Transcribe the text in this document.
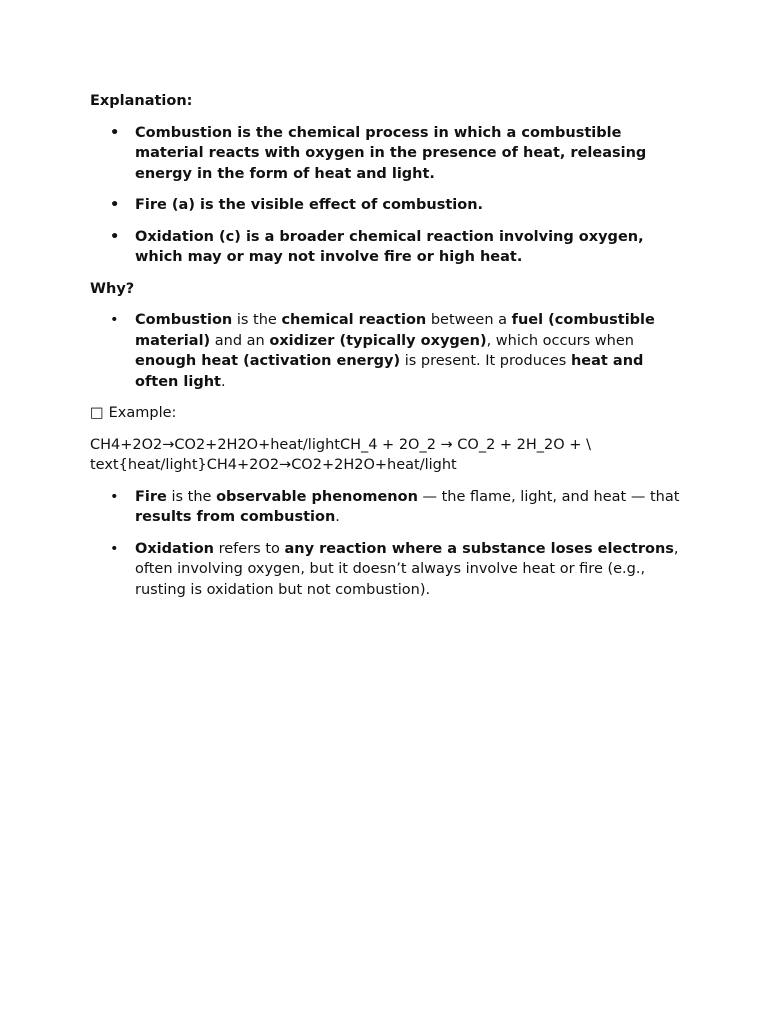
Explanation:

• Combustion is the chemical process in which a combustible material reacts with oxygen in the presence of heat, releasing energy in the form of heat and light.
• Fire (a) is the visible effect of combustion.
• Oxidation (c) is a broader chemical reaction involving oxygen, which may or may not involve fire or high heat.

Why?

• Combustion is the chemical reaction between a fuel (combustible material) and an oxidizer (typically oxygen), which occurs when enough heat (activation energy) is present. It produces heat and often light.

□ Example:

CH4+2O2→CO2+2H2O+heat/lightCH_4 + 2O_2 → CO_2 + 2H_2O + \ text{heat/light}CH4+2O2→CO2+2H2O+heat/light

• Fire is the observable phenomenon — the flame, light, and heat — that results from combustion.
• Oxidation refers to any reaction where a substance loses electrons, often involving oxygen, but it doesn’t always involve heat or fire (e.g., rusting is oxidation but not combustion).
